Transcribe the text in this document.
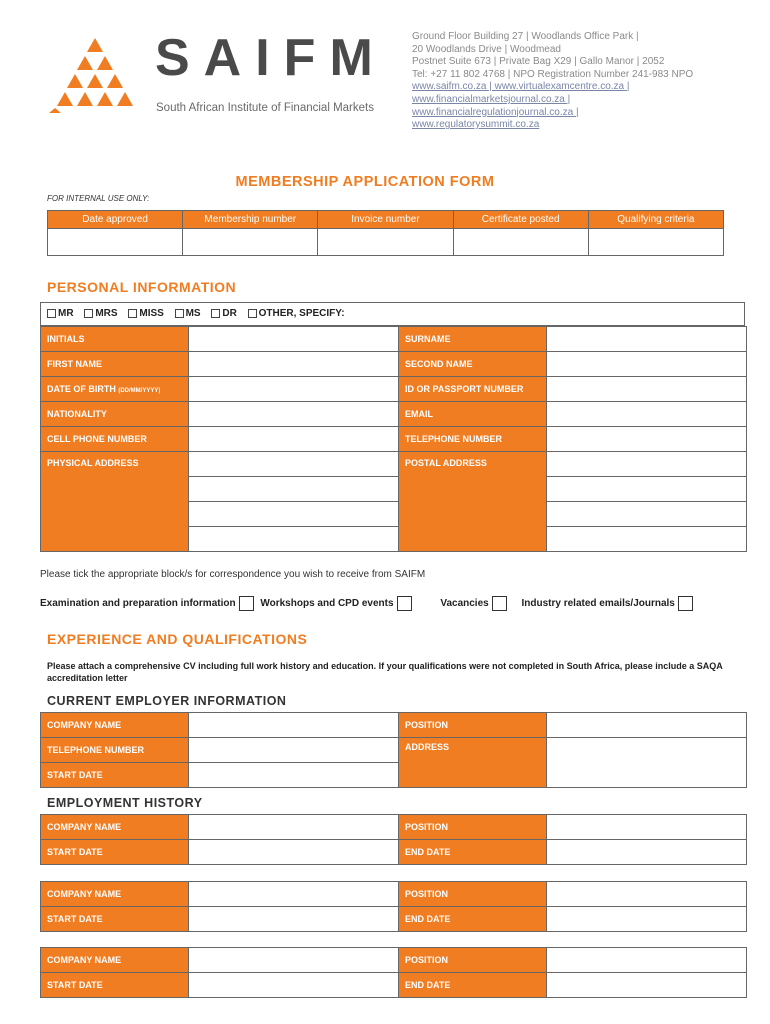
SAIFM
South African Institute of Financial Markets
Ground Floor Building 27 | Woodlands Office Park |
20 Woodlands Drive | Woodmead
Postnet Suite 673 | Private Bag X29 | Gallo Manor | 2052
Tel: +27 11 802 4768 | NPO Registration Number 241-983 NPO
www.saifm.co.za | www.virtualexamcentre.co.za |
www.financialmarketsjournal.co.za |
www.financialregulationjournal.co.za |
www.regulatorysummit.co.za
MEMBERSHIP APPLICATION FORM
FOR INTERNAL USE ONLY:
Date approved	Membership number	Invoice number	Certificate posted	Qualifying criteria

PERSONAL INFORMATION
MR MRS MISS MS DR OTHER, SPECIFY:
INITIALS		SURNAME	
FIRST NAME		SECOND NAME	
DATE OF BIRTH (DD/MM/YYYY)		ID OR PASSPORT NUMBER	
NATIONALITY		EMAIL	
CELL PHONE NUMBER		TELEPHONE NUMBER	
PHYSICAL ADDRESS		POSTAL ADDRESS	

Please tick the appropriate block/s for correspondence you wish to receive from SAIFM
Examination and preparation information Workshops and CPD events	Vacancies	Industry related emails/Journals
EXPERIENCE AND QUALIFICATIONS
Please attach a comprehensive CV including full work history and education. If your qualifications were not completed in South Africa, please include a SAQA accreditation letter
CURRENT EMPLOYER INFORMATION
COMPANY NAME		POSITION	
TELEPHONE NUMBER		ADDRESS	
START DATE			
EMPLOYMENT HISTORY
COMPANY NAME		POSITION	
START DATE		END DATE	
COMPANY NAME		POSITION	
START DATE		END DATE	
COMPANY NAME		POSITION	
START DATE		END DATE	
